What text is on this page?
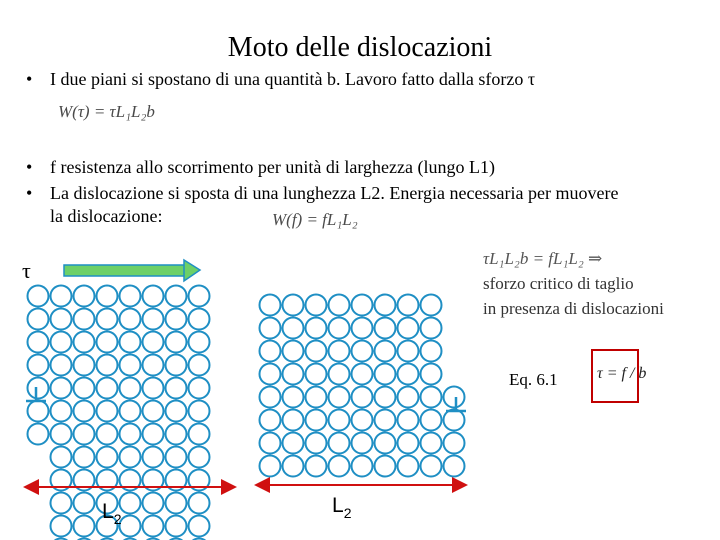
Moto delle dislocazioni
• I due piani si spostano di una quantità b. Lavoro fatto dalla sforzo τ
W(τ) = τL₁L₂b
• f resistenza allo scorrimento per unità di larghezza (lungo L1)
• La dislocazione si sposta di una lunghezza L2. Energia necessaria per muovere
la dislocazione:	W(f) = fL₁L₂
τ
$L_2$
$L_2$
τL₁L₂b = fL₁L₂ ⇒
sforzo critico di taglio
in presenza di dislocazioni
Eq. 6.1 τ = f / b
